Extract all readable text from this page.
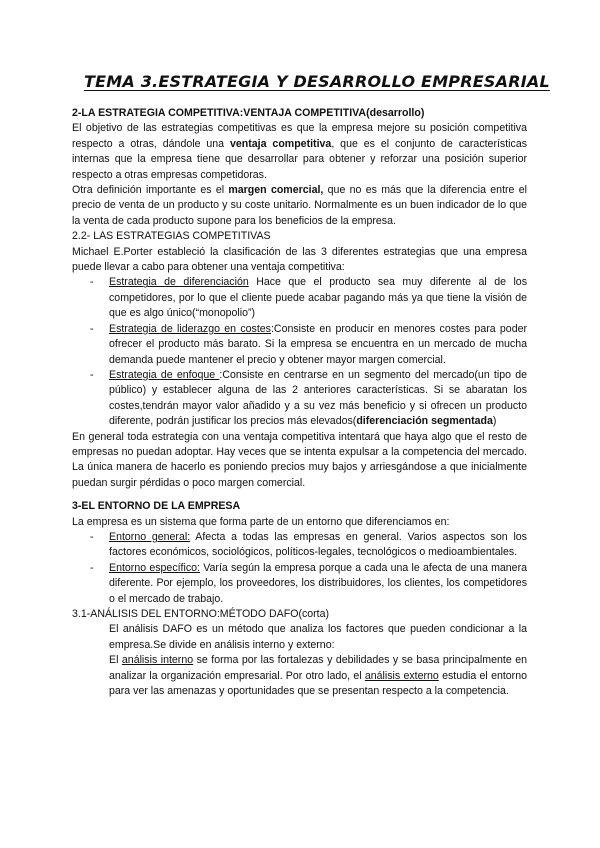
TEMA 3.ESTRATEGIA Y DESARROLLO EMPRESARIAL

2-LA ESTRATEGIA COMPETITIVA:VENTAJA COMPETITIVA(desarrollo)

El objetivo de las estrategias competitivas es que la empresa mejore su posición competitiva respecto a otras, dándole una ventaja competitiva, que es el conjunto de características internas que la empresa tiene que desarrollar para obtener y reforzar una posición superior respecto a otras empresas competidoras.

Otra definición importante es el margen comercial, que no es más que la diferencia entre el precio de venta de un producto y su coste unitario. Normalmente es un buen indicador de lo que la venta de cada producto supone para los beneficios de la empresa.

2.2- LAS ESTRATEGIAS COMPETITIVAS

Michael E.Porter estableció la clasificación de las 3 diferentes estrategias que una empresa puede llevar a cabo para obtener una ventaja competitiva:

- Estrategia de diferenciación Hace que el producto sea muy diferente al de los competidores, por lo que el cliente puede acabar pagando más ya que tiene la visión de que es algo único(“monopolio”)
- Estrategia de liderazgo en costes:Consiste en producir en menores costes para poder ofrecer el producto más barato. Si la empresa se encuentra en un mercado de mucha demanda puede mantener el precio y obtener mayor margen comercial.
- Estrategia de enfoque :Consiste en centrarse en un segmento del mercado(un tipo de público) y establecer alguna de las 2 anteriores características. Si se abaratan los costes,tendrán mayor valor añadido y a su vez más beneficio y si ofrecen un producto diferente, podrán justificar los precios más elevados(diferenciación segmentada)

En general toda estrategia con una ventaja competitiva intentará que haya algo que el resto de empresas no puedan adoptar. Hay veces que se intenta expulsar a la competencia del mercado. La única manera de hacerlo es poniendo precios muy bajos y arriesgándose a que inicialmente puedan surgir pérdidas o poco margen comercial.

3-EL ENTORNO DE LA EMPRESA

La empresa es un sistema que forma parte de un entorno que diferenciamos en:

- Entorno general: Afecta a todas las empresas en general. Varios aspectos son los factores económicos, sociológicos, políticos-legales, tecnológicos o medioambientales.
- Entorno específico: Varía según la empresa porque a cada una le afecta de una manera diferente. Por ejemplo, los proveedores, los distribuidores, los clientes, los competidores o el mercado de trabajo.

3.1-ANÁLISIS DEL ENTORNO:MÉTODO DAFO(corta)

El análisis DAFO es un método que analiza los factores que pueden condicionar a la empresa.Se divide en análisis interno y externo:

El análisis interno se forma por las fortalezas y debilidades y se basa principalmente en analizar la organización empresarial. Por otro lado, el análisis externo estudia el entorno para ver las amenazas y oportunidades que se presentan respecto a la competencia.
